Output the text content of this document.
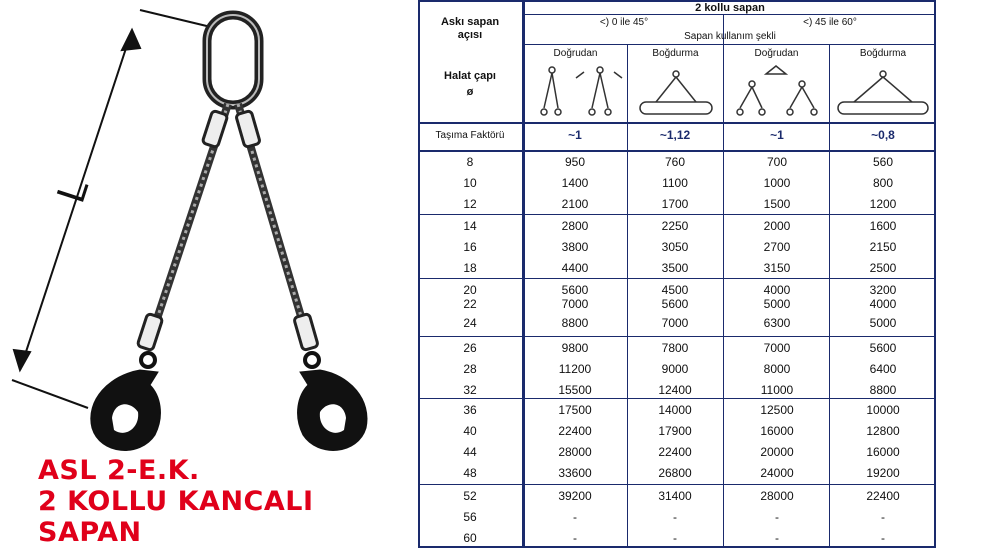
L
ASL 2-E.K.
2 KOLLU KANCALI
SAPAN
Askı sapan
açısı
Halat çapı
ø
2 kollu sapan
<) 0 ile 45°	<) 45 ile 60°
Sapan kullanım şekli
Doğrudan	Boğdurma	Doğrudan	Boğdurma
Taşıma Faktörü	~1	~1,12	~1	~0,8
8	950	760	700	560
10	1400	1100	1000	800
12	2100	1700	1500	1200
14	2800	2250	2000	1600
16	3800	3050	2700	2150
18	4400	3500	3150	2500
20	5600	4500	4000	3200
22	7000	5600	5000	4000
24	8800	7000	6300	5000
26	9800	7800	7000	5600
28	11200	9000	8000	6400
32	15500	12400	11000	8800
36	17500	14000	12500	10000
40	22400	17900	16000	12800
44	28000	22400	20000	16000
48	33600	26800	24000	19200
52	39200	31400	28000	22400
56	-	-	-	-
60	-	-	-	-
